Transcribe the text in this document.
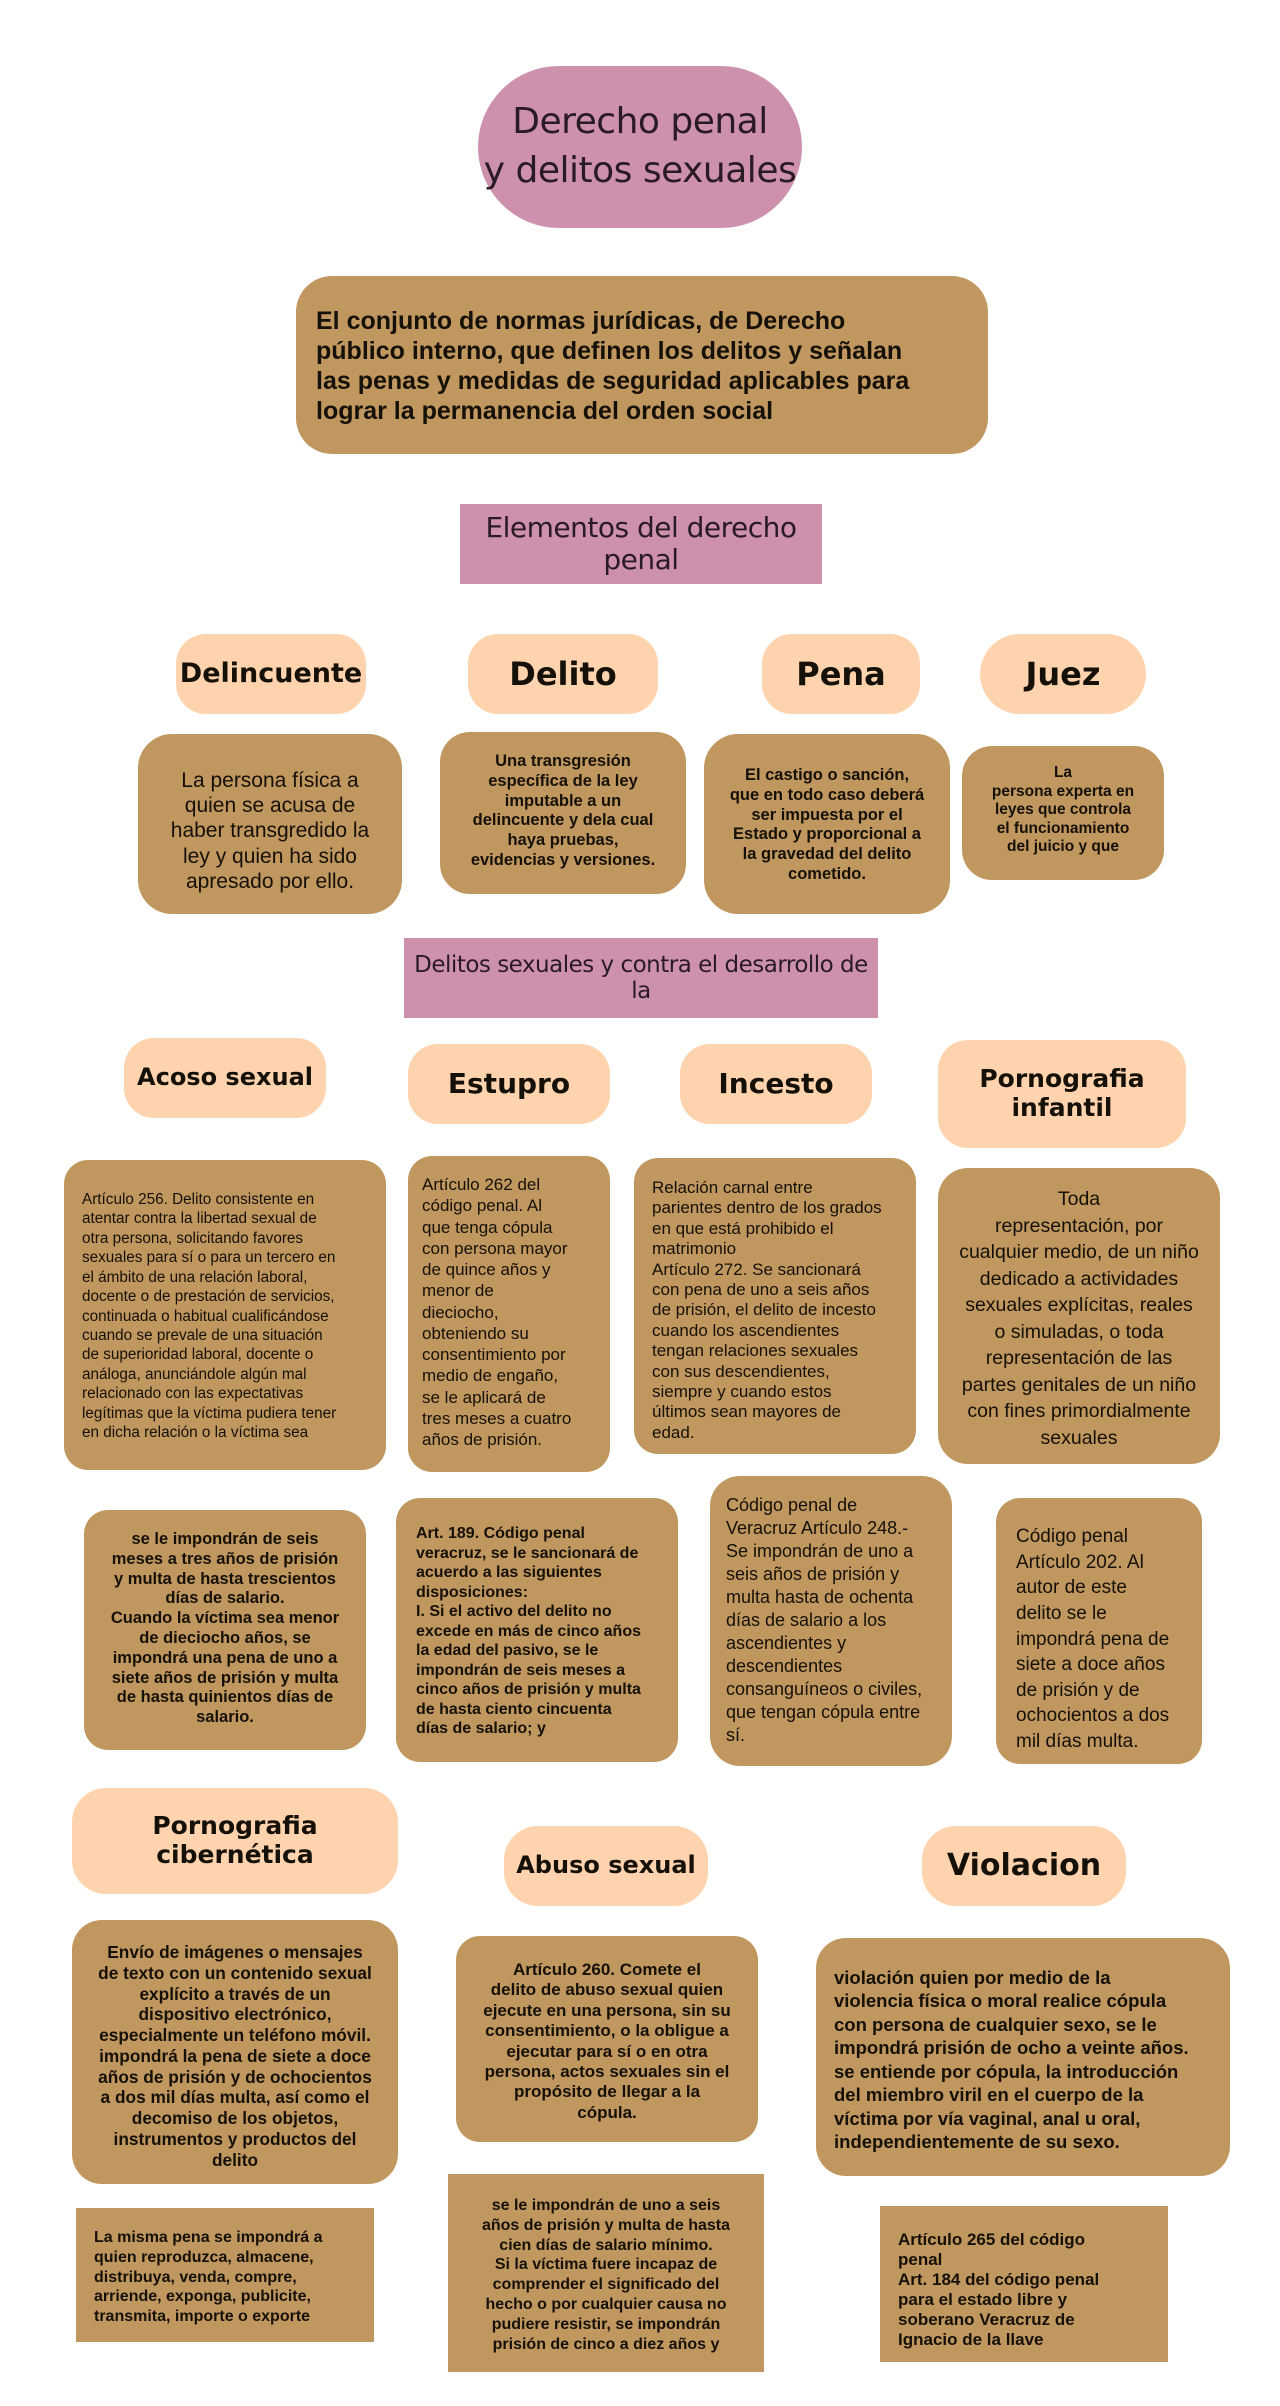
Derecho penal
y delitos sexuales
El conjunto de normas jurídicas, de Derecho
público interno, que definen los delitos y señalan
las penas y medidas de seguridad aplicables para
lograr la permanencia del orden social
Elementos del derecho penal
Delincuente	Delito	Pena	Juez
La persona física a
quien se acusa de
haber transgredido la
ley y quien ha sido
apresado por ello.
Una transgresión
específica de la ley
imputable a un
delincuente y dela cual
haya pruebas,
evidencias y versiones.
El castigo o sanción,
que en todo caso deberá
ser impuesta por el
Estado y proporcional a
la gravedad del delito
cometido.
La
persona experta en
leyes que controla
el funcionamiento
del juicio y que
Delitos sexuales y contra el desarrollo de la
Acoso sexual	Estupro	Incesto	Pornografia
infantil
Artículo 256. Delito consistente en
atentar contra la libertad sexual de
otra persona, solicitando favores
sexuales para sí o para un tercero en
el ámbito de una relación laboral,
docente o de prestación de servicios,
continuada o habitual cualificándose
cuando se prevale de una situación
de superioridad laboral, docente o
análoga, anunciándole algún mal
relacionado con las expectativas
legítimas que la víctima pudiera tener
en dicha relación o la víctima sea
Artículo 262 del
código penal. Al
que tenga cópula
con persona mayor
de quince años y
menor de
dieciocho,
obteniendo su
consentimiento por
medio de engaño,
se le aplicará de
tres meses a cuatro
años de prisión.
Relación carnal entre
parientes dentro de los grados
en que está prohibido el
matrimonio
Artículo 272. Se sancionará
con pena de uno a seis años
de prisión, el delito de incesto
cuando los ascendientes
tengan relaciones sexuales
con sus descendientes,
siempre y cuando estos
últimos sean mayores de
edad.
Toda
representación, por
cualquier medio, de un niño
dedicado a actividades
sexuales explícitas, reales
o simuladas, o toda
representación de las
partes genitales de un niño
con fines primordialmente
sexuales
se le impondrán de seis
meses a tres años de prisión
y multa de hasta trescientos
días de salario.
Cuando la víctima sea menor
de dieciocho años, se
impondrá una pena de uno a
siete años de prisión y multa
de hasta quinientos días de
salario.
Art. 189. Código penal
veracruz, se le sancionará de
acuerdo a las siguientes
disposiciones:
I. Si el activo del delito no
excede en más de cinco años
la edad del pasivo, se le
impondrán de seis meses a
cinco años de prisión y multa
de hasta ciento cincuenta
días de salario; y
Código penal de
Veracruz Artículo 248.-
Se impondrán de uno a
seis años de prisión y
multa hasta de ochenta
días de salario a los
ascendientes y
descendientes
consanguíneos o civiles,
que tengan cópula entre
sí.
Código penal
Artículo 202. Al
autor de este
delito se le
impondrá pena de
siete a doce años
de prisión y de
ochocientos a dos
mil días multa.
Pornografia cibernética	Abuso sexual	Violacion
Envío de imágenes o mensajes
de texto con un contenido sexual
explícito a través de un
dispositivo electrónico,
especialmente un teléfono móvil.
impondrá la pena de siete a doce
años de prisión y de ochocientos
a dos mil días multa, así como el
decomiso de los objetos,
instrumentos y productos del
delito
Artículo 260. Comete el
delito de abuso sexual quien
ejecute en una persona, sin su
consentimiento, o la obligue a
ejecutar para sí o en otra
persona, actos sexuales sin el
propósito de llegar a la
cópula.
violación quien por medio de la
violencia física o moral realice cópula
con persona de cualquier sexo, se le
impondrá prisión de ocho a veinte años.
se entiende por cópula, la introducción
del miembro viril en el cuerpo de la
víctima por vía vaginal, anal u oral,
independientemente de su sexo.
La misma pena se impondrá a
quien reproduzca, almacene,
distribuya, venda, compre,
arriende, exponga, publicite,
transmita, importe o exporte
se le impondrán de uno a seis
años de prisión y multa de hasta
cien días de salario mínimo.
Si la víctima fuere incapaz de
comprender el significado del
hecho o por cualquier causa no
pudiere resistir, se impondrán
prisión de cinco a diez años y
Artículo 265 del código
penal
Art. 184 del código penal
para el estado libre y
soberano Veracruz de
Ignacio de la llave
